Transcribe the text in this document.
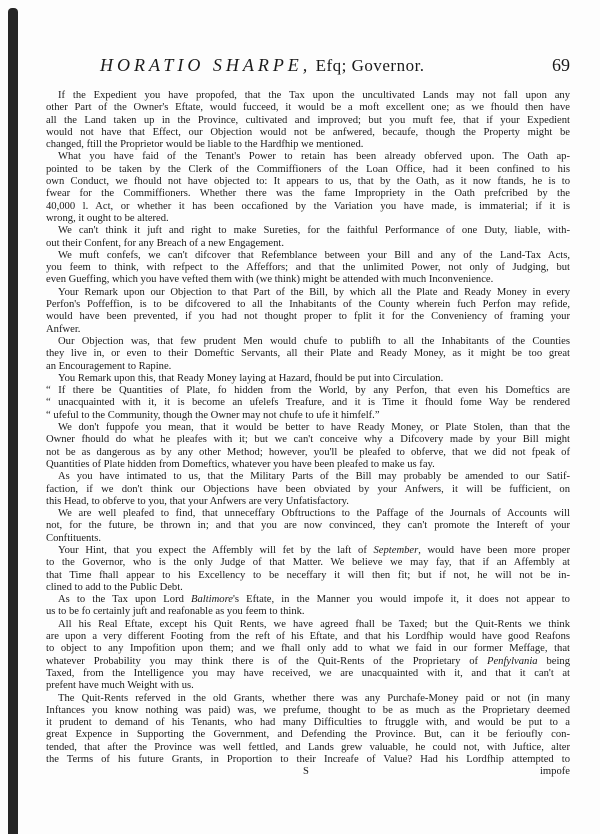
HORATIO SHARPE, Efq; Governor.	69
If the Expedient you have propofed, that the Tax upon the uncultivated Lands may not fall upon any
other Part of the Owner's Eftate, would fucceed, it would be a moft excellent one; as we fhould then have
all the Land taken up in the Province, cultivated and improved; but you muft fee, that if your Expedient
would not have that Effect, our Objection would not be anfwered, becaufe, though the Property might be
changed, ftill the Proprietor would be liable to the Hardfhip we mentioned.
What you have faid of the Tenant's Power to retain has been already obferved upon. The Oath ap-
pointed to be taken by the Clerk of the Commiffioners of the Loan Office, had it been confined to his
own Conduct, we fhould not have objected to: It appears to us, that by the Oath, as it now ftands, he is to
fwear for the Commiffioners. Whether there was the fame Impropriety in the Oath prefcribed by the
40,000 l. Act, or whether it has been occafioned by the Variation you have made, is immaterial; if it is
wrong, it ought to be altered.
We can't think it juft and right to make Sureties, for the faithful Performance of one Duty, liable, with-
out their Confent, for any Breach of a new Engagement.
We muft confefs, we can't difcover that Refemblance between your Bill and any of the Land-Tax Acts,
you feem to think, with refpect to the Affeffors; and that the unlimited Power, not only of Judging, but
even Gueffing, which you have vefted them with (we think) might be attended with much Inconvenience.
Your Remark upon our Objection to that Part of the Bill, by which all the Plate and Ready Money in every
Perfon's Poffeffion, is to be difcovered to all the Inhabitants of the County wherein fuch Perfon may refide,
would have been prevented, if you had not thought proper to fplit it for the Conveniency of framing your
Anfwer.
Our Objection was, that few prudent Men would chufe to publifh to all the Inhabitants of the Counties
they live in, or even to their Domeftic Servants, all their Plate and Ready Money, as it might be too great
an Encouragement to Rapine.
You Remark upon this, that Ready Money laying at Hazard, fhould be put into Circulation.
“ If there be Quantities of Plate, fo hidden from the World, by any Perfon, that even his Domeftics are
“ unacquainted with it, it is become an ufelefs Treafure, and it is Time it fhould fome Way be rendered
“ ufeful to the Community, though the Owner may not chufe to ufe it himfelf.”
We don't fuppofe you mean, that it would be better to have Ready Money, or Plate Stolen, than that the
Owner fhould do what he pleafes with it; but we can't conceive why a Difcovery made by your Bill might
not be as dangerous as by any other Method; however, you'll be pleafed to obferve, that we did not fpeak of
Quantities of Plate hidden from Domeftics, whatever you have been pleafed to make us fay.
As you have intimated to us, that the Military Parts of the Bill may probably be amended to our Satif-
faction, if we don't think our Objections have been obviated by your Anfwers, it will be fufficient, on
this Head, to obferve to you, that your Anfwers are very Unfatisfactory.
We are well pleafed to find, that unneceffary Obftructions to the Paffage of the Journals of Accounts will
not, for the future, be thrown in; and that you are now convinced, they can't promote the Intereft of your
Conftituents.
Your Hint, that you expect the Affembly will fet by the laft of September, would have been more proper
to the Governor, who is the only Judge of that Matter. We believe we may fay, that if an Affembly at
that Time fhall appear to his Excellency to be neceffary it will then fit; but if not, he will not be in-
clined to add to the Public Debt.
As to the Tax upon Lord Baltimore's Eftate, in the Manner you would impofe it, it does not appear to
us to be fo certainly juft and reafonable as you feem to think.
All his Real Eftate, except his Quit Rents, we have agreed fhall be Taxed; but the Quit-Rents we think
are upon a very different Footing from the reft of his Eftate, and that his Lordfhip would have good Reafons
to object to any Impofition upon them; and we fhall only add to what we faid in our former Meffage, that
whatever Probability you may think there is of the Quit-Rents of the Proprietary of Penfylvania being
Taxed, from the Intelligence you may have received, we are unacquainted with it, and that it can't at
prefent have much Weight with us.
The Quit-Rents referved in the old Grants, whether there was any Purchafe-Money paid or not (in many
Inftances you know nothing was paid) was, we prefume, thought to be as much as the Proprietary deemed
it prudent to demand of his Tenants, who had many Difficulties to ftruggle with, and would be put to a
great Expence in Supporting the Government, and Defending the Province. But, can it be ferioufly con-
tended, that after the Province was well fettled, and Lands grew valuable, he could not, with Juftice, alter
the Terms of his future Grants, in Proportion to their Increafe of Value? Had his Lordfhip attempted to
S	impofe
